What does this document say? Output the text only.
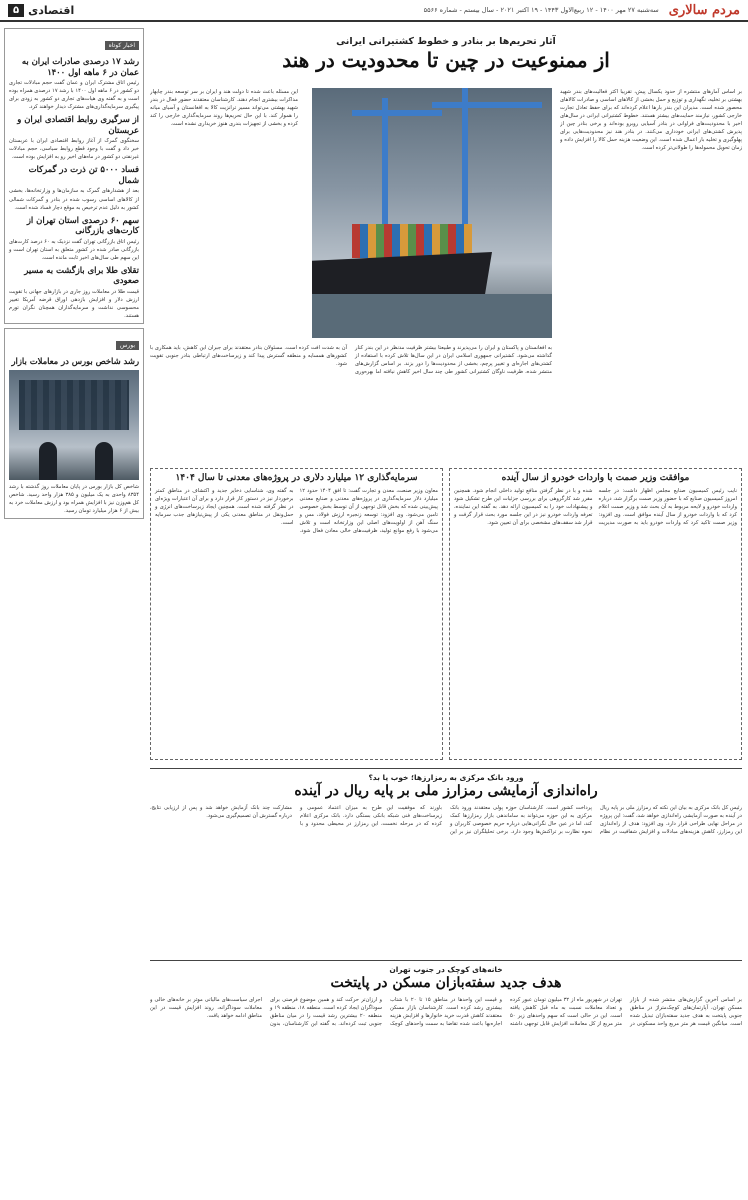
مردم سالاری
سه‌شنبه ۲۷ مهر ۱۴۰۰ - ۱۲ ربیع‌الاول ۱۴۴۳ - ۱۹ اکتبر ۲۰۲۱ - سال بیستم - شماره ۵۵۶۶
اقتصادی
۵
آثار تحریم‌ها بر بنادر و خطوط کشتیرانی ایرانی
از ممنوعیت در چین تا محدودیت در هند

بر اساس آمارهای منتشره از حدود یکسال پیش، تقریبا اکثر فعالیت‌های بندر شهید بهشتی بر تخلیه، نگهداری و توزیع و حمل بخشی از کالاهای اساسی و صادرات کالاهای محصور شده است. مدیران این بندر بارها اعلام کرده‌اند که برای حفظ تعادل تجارت خارجی کشور، نیازمند حمایت‌های بیشتر هستند. خطوط کشتیرانی ایرانی در سال‌های اخیر با محدودیت‌های فراوانی در بنادر آسیایی روبرو بوده‌اند و برخی بنادر چین از پذیرش کشتی‌های ایرانی خودداری می‌کنند. در بنادر هند نیز محدودیت‌هایی برای پهلوگیری و تخلیه بار اعمال شده است. این وضعیت هزینه حمل کالا را افزایش داده و زمان تحویل محموله‌ها را طولانی‌تر کرده است.

این مسئله باعث شده تا دولت هند و ایران بر سر توسعه بندر چابهار مذاکرات بیشتری انجام دهند. کارشناسان معتقدند حضور فعال در بندر شهید بهشتی می‌تواند مسیر ترانزیت کالا به افغانستان و آسیای میانه را هموار کند. با این حال تحریم‌ها روند سرمایه‌گذاری خارجی را کند کرده و بخشی از تجهیزات بندری هنوز خریداری نشده است.

به افغانستان و پاکستان و ایران را می‌پذیرند و طبیعتا بیشتر ظرفیت مدنظر در این بندر کنار گذاشته می‌شود. کشتیرانی جمهوری اسلامی ایران در این سال‌ها تلاش کرده با استفاده از کشتی‌های اجاره‌ای و تغییر پرچم، بخشی از محدودیت‌ها را دور بزند. بر اساس گزارش‌های منتشر شده، ظرفیت ناوگان کشتیرانی کشور طی چند سال اخیر کاهش نیافته اما بهره‌وری آن به شدت افت کرده است. مسئولان بنادر معتقدند برای جبران این کاهش، باید همکاری با کشورهای همسایه و منطقه گسترش پیدا کند و زیرساخت‌های ارتباطی بنادر جنوبی تقویت شود.

موافقت وزیر صمت با واردات خودرو از سال آینده

نایب رئیس کمیسیون صنایع مجلس اظهار داشت: در جلسه امروز کمیسیون صنایع که با حضور وزیر صمت برگزار شد، درباره واردات خودرو و لایحه مربوط به آن بحث شد و وزیر صمت اعلام کرد که با واردات خودرو از سال آینده موافق است. وی افزود: وزیر صمت تاکید کرد که واردات خودرو باید به صورت مدیریت شده و با در نظر گرفتن منافع تولید داخلی انجام شود. همچنین مقرر شد کارگروهی برای بررسی جزئیات این طرح تشکیل شود و پیشنهادات خود را به کمیسیون ارائه دهد. به گفته این نماینده، تعرفه واردات خودرو نیز در این جلسه مورد بحث قرار گرفت و قرار شد سقف‌های مشخصی برای آن تعیین شود.

سرمایه‌گذاری ۱۲ میلیارد دلاری در پروژه‌های معدنی تا سال ۱۴۰۴

معاون وزیر صنعت، معدن و تجارت گفت: تا افق ۱۴۰۴ حدود ۱۲ میلیارد دلار سرمایه‌گذاری در پروژه‌های معدنی و صنایع معدنی پیش‌بینی شده که بخش قابل توجهی از آن توسط بخش خصوصی تامین می‌شود. وی افزود: توسعه زنجیره ارزش فولاد، مس و سنگ آهن از اولویت‌های اصلی این وزارتخانه است و تلاش می‌شود با رفع موانع تولید، ظرفیت‌های خالی معادن فعال شود. به گفته وی، شناسایی ذخایر جدید و اکتشاف در مناطق کمتر برخوردار نیز در دستور کار قرار دارد و برای آن اعتبارات ویژه‌ای در نظر گرفته شده است. همچنین ایجاد زیرساخت‌های انرژی و حمل‌ونقل در مناطق معدنی یکی از پیش‌نیازهای جذب سرمایه است.

ورود بانک مرکزی به رمزارزها؛ خوب یا بد؟
راه‌اندازی آزمایشی رمزارز ملی بر پایه ریال در آینده

رئیس کل بانک مرکزی به بیان این نکته که رمزارز ملی بر پایه ریال در آینده به صورت آزمایشی راه‌اندازی خواهد شد، گفت: این پروژه در مراحل نهایی طراحی قرار دارد. وی افزود: هدف از راه‌اندازی این رمزارز، کاهش هزینه‌های مبادلات و افزایش شفافیت در نظام پرداخت کشور است. کارشناسان حوزه پولی معتقدند ورود بانک مرکزی به این حوزه می‌تواند به ساماندهی بازار رمزارزها کمک کند، اما در عین حال نگرانی‌هایی درباره حریم خصوصی کاربران و نحوه نظارت بر تراکنش‌ها وجود دارد. برخی تحلیلگران نیز بر این باورند که موفقیت این طرح به میزان اعتماد عمومی و زیرساخت‌های فنی شبکه بانکی بستگی دارد. بانک مرکزی اعلام کرده که در مرحله نخست، این رمزارز در محیطی محدود و با مشارکت چند بانک آزمایش خواهد شد و پس از ارزیابی نتایج، درباره گسترش آن تصمیم‌گیری می‌شود.

خانه‌های کوچک در جنوب تهران
هدف جدید سفته‌بازان مسکن در پایتخت

بر اساس آخرین گزارش‌های منتشر شده از بازار مسکن تهران، آپارتمان‌های کوچک‌متراژ در مناطق جنوبی پایتخت به هدف جدید سفته‌بازان تبدیل شده است. میانگین قیمت هر متر مربع واحد مسکونی در تهران در شهریور ماه از ۳۲ میلیون تومان عبور کرده و تعداد معاملات نسبت به ماه قبل کاهش یافته است. این در حالی است که سهم واحدهای زیر ۵۰ متر مربع از کل معاملات افزایش قابل توجهی داشته و قیمت این واحدها در مناطق ۱۵ تا ۲۰ با شتاب بیشتری رشد کرده است. کارشناسان بازار مسکن معتقدند کاهش قدرت خرید خانوارها و افزایش هزینه اجاره‌بها باعث شده تقاضا به سمت واحدهای کوچک و ارزان‌تر حرکت کند و همین موضوع فرصتی برای سوداگران ایجاد کرده است. منطقه ۱۸، منطقه ۱۹ و منطقه ۲۰ بیشترین رشد قیمت را در میان مناطق جنوبی ثبت کرده‌اند. به گفته این کارشناسان، بدون اجرای سیاست‌های مالیاتی موثر بر خانه‌های خالی و معاملات سوداگرانه، روند افزایش قیمت در این مناطق ادامه خواهد یافت.

اخبار کوتاه
رشد ۱۷ درصدی صادرات ایران به عمان در ۶ ماهه اول ۱۴۰۰

رئیس اتاق مشترک ایران و عمان گفت حجم مبادلات تجاری دو کشور در ۶ ماهه اول ۱۴۰۰ با رشد ۱۷ درصدی همراه بوده است و به گفته وی هیات‌های تجاری دو کشور به زودی برای پیگیری سرمایه‌گذاری‌های مشترک دیدار خواهند کرد.

از سرگیری روابط اقتصادی ایران و عربستان

سخنگوی گمرک از آغاز روابط اقتصادی ایران با عربستان خبر داد و گفت با وجود قطع روابط سیاسی، حجم مبادلات غیرنفتی دو کشور در ماه‌های اخیر رو به افزایش بوده است.

فساد ۵۰۰۰ تن ذرت در گمرکات شمال

بعد از هشدارهای گمرک به سازمان‌ها و وزارتخانه‌ها، بخشی از کالاهای اساسی رسوب شده در بنادر و گمرکات شمالی کشور به دلیل عدم ترخیص به موقع دچار فساد شده است.

سهم ۶۰ درصدی استان تهران از کارت‌های بازرگانی

رئیس اتاق بازرگانی تهران گفت نزدیک به ۶۰ درصد کارت‌های بازرگانی صادر شده در کشور متعلق به استان تهران است و این سهم طی سال‌های اخیر ثابت مانده است.

تقلای طلا برای بازگشت به مسیر صعودی

قیمت طلا در معاملات روز جاری در بازارهای جهانی با تقویت ارزش دلار و افزایش بازدهی اوراق قرضه آمریکا تغییر محسوسی نداشت و سرمایه‌گذاران همچنان نگران تورم هستند.

بورس
رشد شاخص بورس در معاملات بازار

شاخص کل بازار بورس در پایان معاملات روز گذشته با رشد ۸۳۵۴ واحدی به یک میلیون و ۳۸۵ هزار واحد رسید. شاخص کل هم‌وزن نیز با افزایش همراه بود و ارزش معاملات خرد به بیش از ۶ هزار میلیارد تومان رسید.
